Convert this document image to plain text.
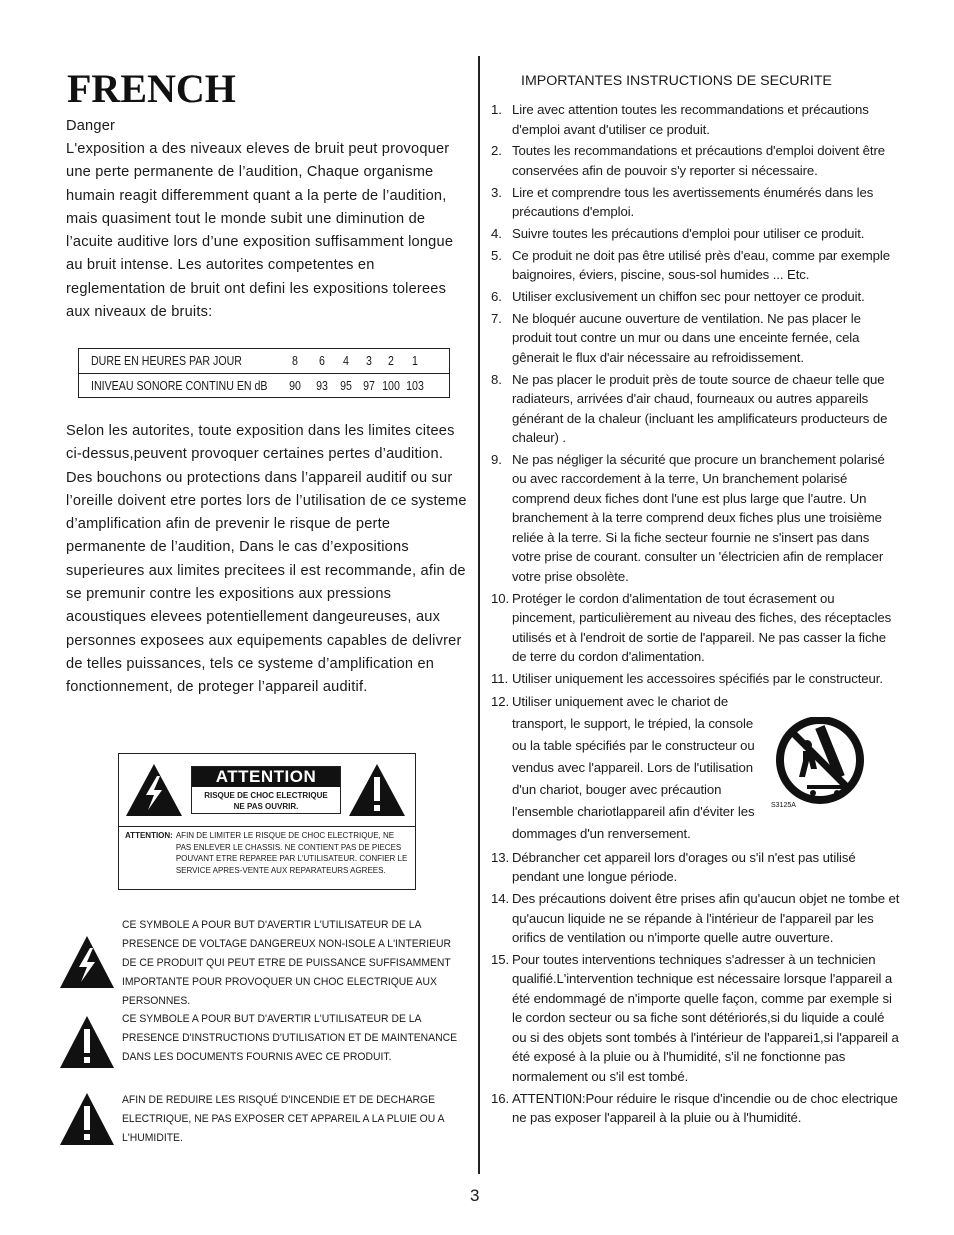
FRENCH

Danger

L'exposition a des niveaux eleves de bruit peut provoquer une perte permanente de l’audition, Chaque organisme humain reagit differemment quant a la perte de l’audition, mais quasiment tout le monde subit une diminution de l’acuite auditive lors d’une exposition suffisamment longue au bruit intense. Les autorites competentes en reglementation de bruit ont defini les expositions tolerees aux niveaux de bruits:

DURE EN HEURES PAR JOUR	8 6 4 3 2 1
INIVEAU SONORE CONTINU EN dB 90 93 95 97 100 103

Selon les autorites, toute exposition dans les limites citees ci-dessus,peuvent provoquer certaines pertes d’audition. Des bouchons ou protections dans l’appareil auditif ou sur l’oreille doivent etre portes lors de l’utilisation de ce systeme d’amplification afin de prevenir le risque de perte permanente de l’audition, Dans le cas d’expositions superieures aux limites precitees il est recommande, afin de se premunir contre les expositions aux pressions acoustiques elevees potentiellement dangeureuses, aux personnes exposees aux equipements capables de delivrer de telles puissances, tels ce systeme d’amplification en fonctionnement, de proteger l’appareil auditif.

ATTENTION
RISQUE DE CHOC ELECTRIQUE
NE PAS OUVRIR.
ATTENTION: AFIN DE LIMITER LE RISQUE DE CHOC ELECTRIQUE, NE PAS ENLEVER LE CHASSIS. NE CONTIENT PAS DE PIECES POUVANT ETRE REPAREE PAR L'UTILISATEUR. CONFIER LE SERVICE APRES-VENTE AUX REPARATEURS AGREES.

CE SYMBOLE A POUR BUT D'AVERTIR L'UTILISATEUR DE LA PRESENCE DE VOLTAGE DANGEREUX NON-ISOLE A L'INTERIEUR DE CE PRODUIT QUI PEUT ETRE DE PUISSANCE SUFFISAMMENT IMPORTANTE POUR PROVOQUER UN CHOC ELECTRIQUE AUX PERSONNES.

CE SYMBOLE A POUR BUT D'AVERTIR L'UTILISATEUR DE LA PRESENCE D'INSTRUCTIONS D'UTILISATION ET DE MAINTENANCE DANS LES DOCUMENTS FOURNIS AVEC CE PRODUIT.

AFIN DE REDUIRE LES RISQUÉ D'INCENDIE ET DE DECHARGE ELECTRIQUE, NE PAS EXPOSER CET APPAREIL A LA PLUIE OU A L'HUMIDITE.

IMPORTANTES INSTRUCTIONS DE SECURITE
1. Lire avec attention toutes les recommandations et précautions d'emploi avant d'utiliser ce produit.
2. Toutes les recommandations et précautions d'emploi doivent être conservées afin de pouvoir s'y reporter si nécessaire.
3. Lire et comprendre tous les avertissements énumérés dans les précautions d'emploi.
4. Suivre toutes les précautions d'emploi pour utiliser ce produit.
5. Ce produit ne doit pas être utilisé près d'eau, comme par exemple baignoires, éviers, piscine, sous-sol humides ... Etc.
6. Utiliser exclusivement un chiffon sec pour nettoyer ce produit.
7. Ne bloquér aucune ouverture de ventilation. Ne pas placer le produit tout contre un mur ou dans une enceinte fernée, cela gênerait le flux d'air nécessaire au refroidissement.
8. Ne pas placer le produit près de toute source de chaeur telle que radiateurs, arrivées d'air chaud, fourneaux ou autres appareils générant de la chaleur (incluant les amplificateurs producteurs de chaleur) .
9. Ne pas négliger la sécurité que procure un branchement polarisé ou avec raccordement à la terre, Un branchement polarisé comprend deux fiches dont l'une est plus large que l'autre. Un branchement à la terre comprend deux fiches plus une troisième reliée à la terre. Si la fiche secteur fournie ne s'insert pas dans votre prise de courant. consulter un 'électricien afin de remplacer votre prise obsolète.
10. Protéger le cordon d'alimentation de tout écrasement ou pincement, particulièrement au niveau des fiches, des réceptacles utilisés et à l'endroit de sortie de l'appareil. Ne pas casser la fiche de terre du cordon d'alimentation.
11. Utiliser uniquement les accessoires spécifiés par le constructeur.
12. Utiliser uniquement avec le chariot de transport, le support, le trépied, la console ou la table spécifiés par le constructeur ou vendus avec l'appareil. Lors de l'utilisation d'un chariot, bouger avec précaution l'ensemble chariotlappareil afin d'éviter les dommages d'un renversement.
13. Débrancher cet appareil lors d'orages ou s'il n'est pas utilisé pendant une longue période.
14. Des précautions doivent être prises afin qu'aucun objet ne tombe et qu'aucun liquide ne se répande à l'intérieur de l'appareil par les orifics de ventilation ou n'importe quelle autre ouverture.
15. Pour toutes interventions techniques s'adresser à un technicien qualifié.L'intervention technique est nécessaire lorsque l'appareil a été endommagé de n'importe quelle façon, comme par exemple si le cordon secteur ou sa fiche sont détériorés,si du liquide a coulé ou si des objets sont tombés à l'intérieur de l'apparei1,si l'appareil a été exposé à la pluie ou à l'humidité, s'il ne fonctionne pas normalement ou s'il est tombé.
16. ATTENTI0N:Pour réduire le risque d'incendie ou de choc electrique ne pas exposer l'appareil à la pluie ou à l'humidité.
S3125A
3
